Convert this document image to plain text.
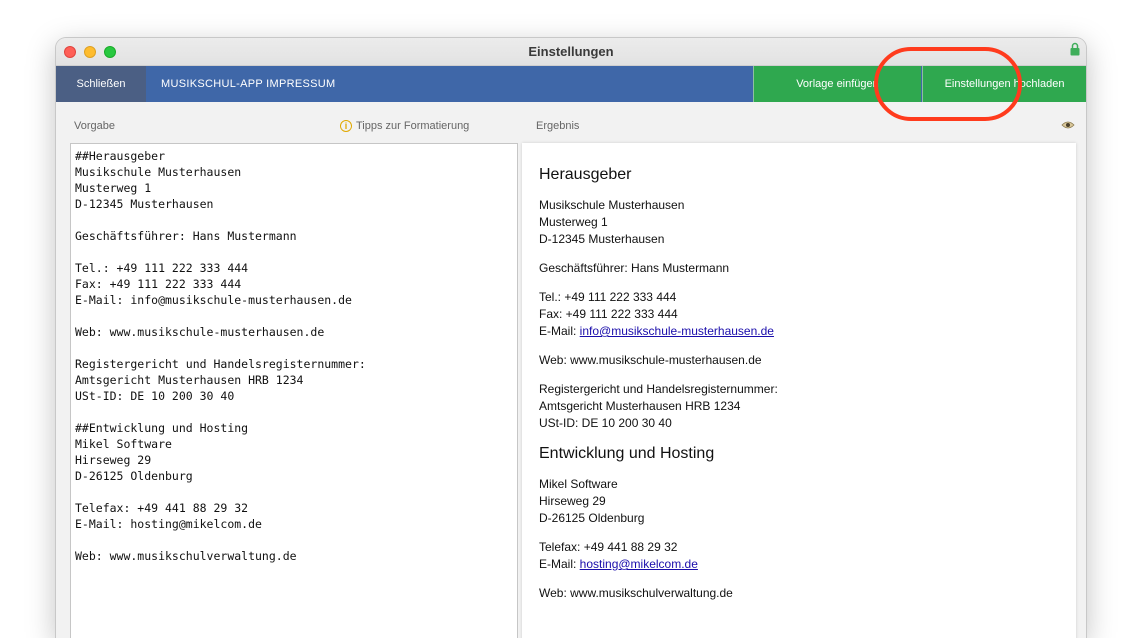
Einstellungen
Schließen	MUSIKSCHUL-APP IMPRESSUM	Vorlage einfügen	Einstellungen hochladen
Vorgabe	i Tipps zur Formatierung	Ergebnis
##Herausgeber
Musikschule Musterhausen
Musterweg 1
D-12345 Musterhausen

Geschäftsführer: Hans Mustermann

Tel.: +49 111 222 333 444
Fax: +49 111 222 333 444
E-Mail: info@musikschule-musterhausen.de

Web: www.musikschule-musterhausen.de

Registergericht und Handelsregisternummer:
Amtsgericht Musterhausen HRB 1234
USt-ID: DE 10 200 30 40

##Entwicklung und Hosting
Mikel Software
Hirseweg 29
D-26125 Oldenburg

Telefax: +49 441 88 29 32
E-Mail: hosting@mikelcom.de

Web: www.musikschulverwaltung.de
Herausgeber

Musikschule Musterhausen
Musterweg 1
D-12345 Musterhausen

Geschäftsführer: Hans Mustermann

Tel.: +49 111 222 333 444
Fax: +49 111 222 333 444
E-Mail: info@musikschule-musterhausen.de

Web: www.musikschule-musterhausen.de

Registergericht und Handelsregisternummer:
Amtsgericht Musterhausen HRB 1234
USt-ID: DE 10 200 30 40

Entwicklung und Hosting

Mikel Software
Hirseweg 29
D-26125 Oldenburg

Telefax: +49 441 88 29 32
E-Mail: hosting@mikelcom.de

Web: www.musikschulverwaltung.de
